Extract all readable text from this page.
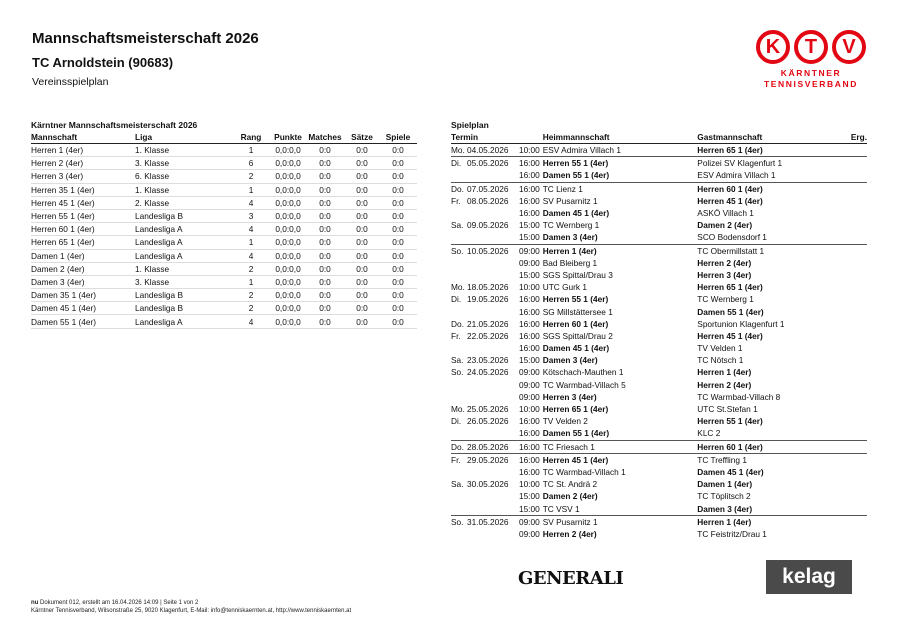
Mannschaftsmeisterschaft 2026
TC Arnoldstein (90683)
Vereinsspielplan
K	T	V
KÄRNTNER
TENNISVERBAND
Kärntner Mannschaftsmeisterschaft 2026
Mannschaft	Liga	Rang	Punkte	Matches	Sätze	Spiele
Herren 1 (4er)	1. Klasse	1	0,0:0,0	0:0	0:0	0:0
Herren 2 (4er)	3. Klasse	6	0,0:0,0	0:0	0:0	0:0
Herren 3 (4er)	6. Klasse	2	0,0:0,0	0:0	0:0	0:0
Herren 35 1 (4er)	1. Klasse	1	0,0:0,0	0:0	0:0	0:0
Herren 45 1 (4er)	2. Klasse	4	0,0:0,0	0:0	0:0	0:0
Herren 55 1 (4er)	Landesliga B	3	0,0:0,0	0:0	0:0	0:0
Herren 60 1 (4er)	Landesliga A	4	0,0:0,0	0:0	0:0	0:0
Herren 65 1 (4er)	Landesliga A	1	0,0:0,0	0:0	0:0	0:0
Damen 1 (4er)	Landesliga A	4	0,0:0,0	0:0	0:0	0:0
Damen 2 (4er)	1. Klasse	2	0,0:0,0	0:0	0:0	0:0
Damen 3 (4er)	3. Klasse	1	0,0:0,0	0:0	0:0	0:0
Damen 35 1 (4er)	Landesliga B	2	0,0:0,0	0:0	0:0	0:0
Damen 45 1 (4er)	Landesliga B	2	0,0:0,0	0:0	0:0	0:0
Damen 55 1 (4er)	Landesliga A	4	0,0:0,0	0:0	0:0	0:0
Spielplan
Termin			Heimmannschaft	Gastmannschaft	Erg.
Mo.	04.05.2026	10:00	ESV Admira Villach 1	Herren 65 1 (4er)	
Di.	05.05.2026	16:00	Herren 55 1 (4er)	Polizei SV Klagenfurt 1	
		16:00	Damen 55 1 (4er)	ESV Admira Villach 1	
Do.	07.05.2026	16:00	TC Lienz 1	Herren 60 1 (4er)	
Fr.	08.05.2026	16:00	SV Pusarnitz 1	Herren 45 1 (4er)	
		16:00	Damen 45 1 (4er)	ASKÖ Villach 1	
Sa.	09.05.2026	15:00	TC Wernberg 1	Damen 2 (4er)	
		15:00	Damen 3 (4er)	SCO Bodensdorf 1	
So.	10.05.2026	09:00	Herren 1 (4er)	TC Obermillstatt 1	
		09:00	Bad Bleiberg 1	Herren 2 (4er)	
		15:00	SGS Spittal/Drau 3	Herren 3 (4er)	
Mo.	18.05.2026	10:00	UTC Gurk 1	Herren 65 1 (4er)	
Di.	19.05.2026	16:00	Herren 55 1 (4er)	TC Wernberg 1	
		16:00	SG Millstättersee 1	Damen 55 1 (4er)	
Do.	21.05.2026	16:00	Herren 60 1 (4er)	Sportunion Klagenfurt 1	
Fr.	22.05.2026	16:00	SGS Spittal/Drau 2	Herren 45 1 (4er)	
		16:00	Damen 45 1 (4er)	TV Velden 1	
Sa.	23.05.2026	15:00	Damen 3 (4er)	TC Nötsch 1	
So.	24.05.2026	09:00	Kötschach-Mauthen 1	Herren 1 (4er)	
		09:00	TC Warmbad-Villach 5	Herren 2 (4er)	
		09:00	Herren 3 (4er)	TC Warmbad-Villach 8	
Mo.	25.05.2026	10:00	Herren 65 1 (4er)	UTC St.Stefan 1	
Di.	26.05.2026	16:00	TV Velden 2	Herren 55 1 (4er)	
		16:00	Damen 55 1 (4er)	KLC 2	
Do.	28.05.2026	16:00	TC Friesach 1	Herren 60 1 (4er)	
Fr.	29.05.2026	16:00	Herren 45 1 (4er)	TC Treffling 1	
		16:00	TC Warmbad-Villach 1	Damen 45 1 (4er)	
Sa.	30.05.2026	10:00	TC St. Andrä 2	Damen 1 (4er)	
		15:00	Damen 2 (4er)	TC Töplitsch 2	
		15:00	TC VSV 1	Damen 3 (4er)	
So.	31.05.2026	09:00	SV Pusarnitz 1	Herren 1 (4er)	
		09:00	Herren 2 (4er)	TC Feistritz/Drau 1	
GENERALI	kelag
nu Dokument 012, erstellt am 16.04.2026 14:09 | Seite 1 von 2
Kärntner Tennisverband, Wilsonstraße 25, 9020 Klagenfurt, E-Mail: info@tenniskaernten.at, http://www.tenniskaernten.at
